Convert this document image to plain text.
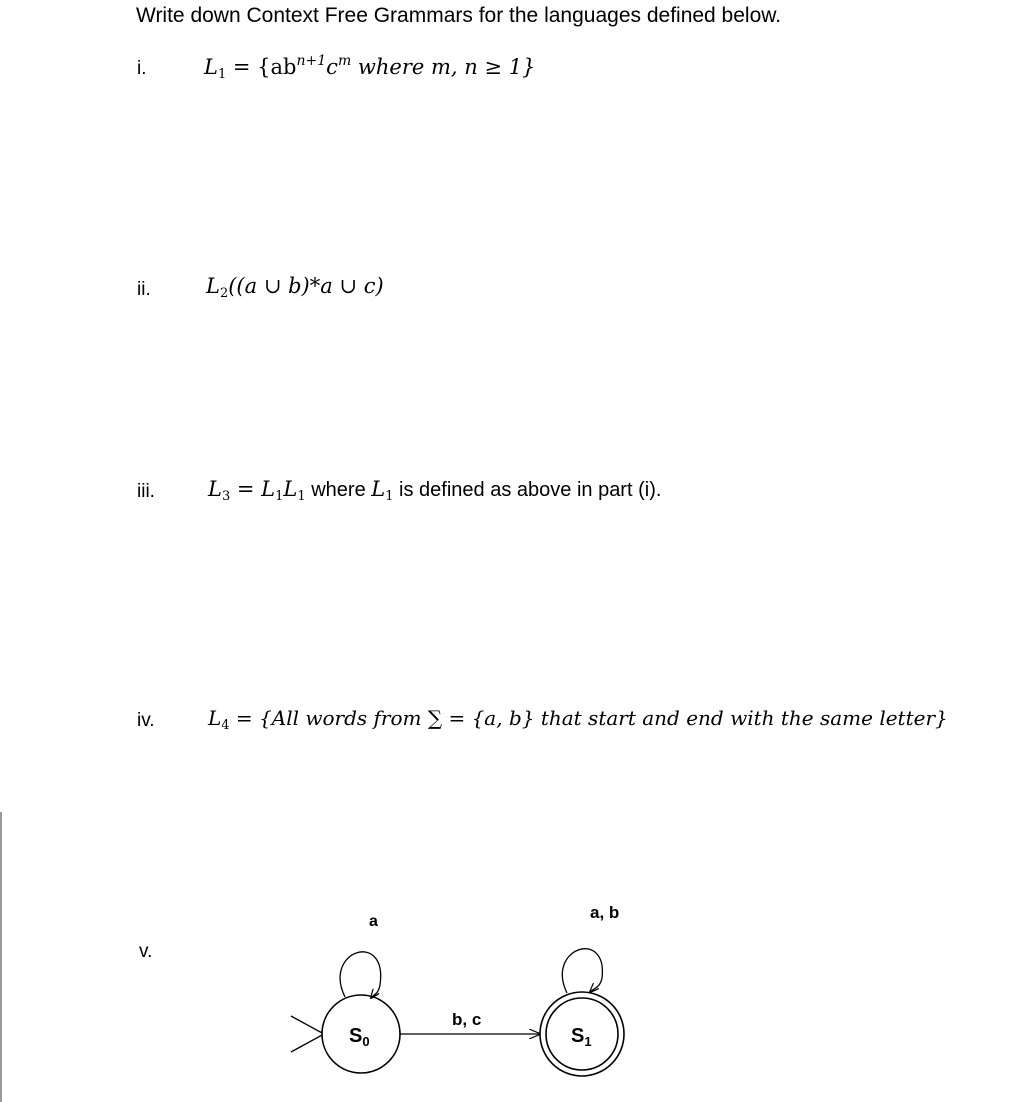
Write down Context Free Grammars for the languages defined below.
i.	$L_1 = \{ab^{n+1}c^m$ where m, n ≥ 1}
ii.	$L_2((a$ ∪ b)*a ∪ c)
iii.	$L_3 = L_1L_1$ where $L_1$ is defined as above in part (i).
iv.	$L_4 = \{All$ words from ∑ = {a, b} that start and end with the same letter}
v.
$S_0$
a
b, c
$S_1$
a, b
